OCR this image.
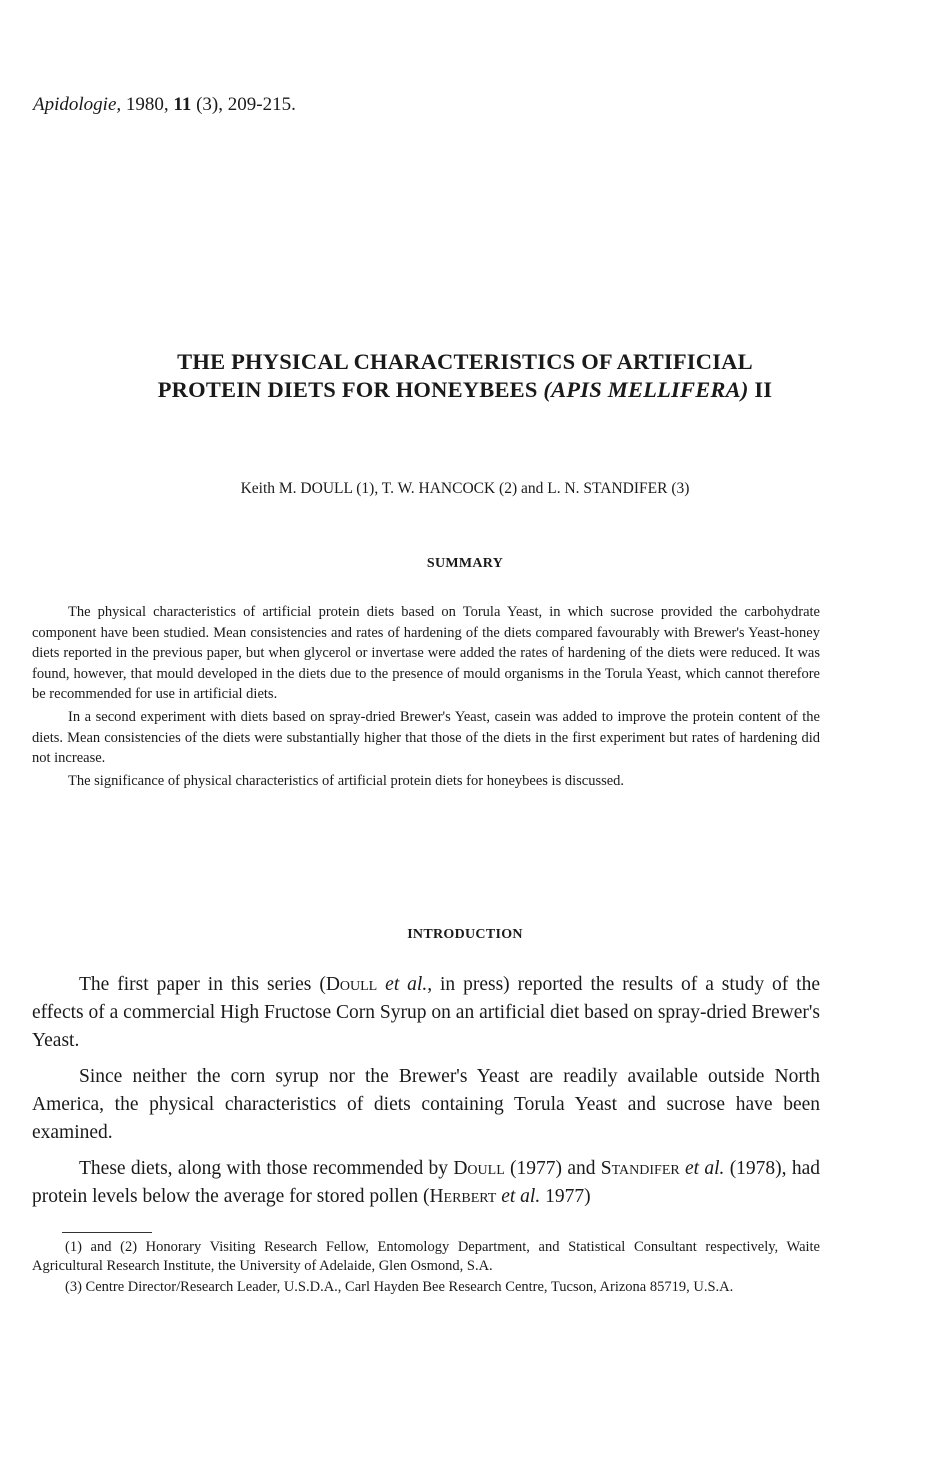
Apidologie, 1980, 11 (3), 209-215.
THE PHYSICAL CHARACTERISTICS OF ARTIFICIAL
PROTEIN DIETS FOR HONEYBEES (APIS MELLIFERA) II
Keith M. DOULL (1), T. W. HANCOCK (2) and L. N. STANDIFER (3)
SUMMARY

The physical characteristics of artificial protein diets based on Torula Yeast, in which sucrose provided the carbohydrate component have been studied. Mean consistencies and rates of hardening of the diets compared favourably with Brewer's Yeast-honey diets reported in the previous paper, but when glycerol or invertase were added the rates of hardening of the diets were reduced. It was found, however, that mould developed in the diets due to the presence of mould organisms in the Torula Yeast, which cannot therefore be recommended for use in artificial diets.

In a second experiment with diets based on spray-dried Brewer's Yeast, casein was added to improve the protein content of the diets. Mean consistencies of the diets were substantially higher that those of the diets in the first experiment but rates of hardening did not increase.

The significance of physical characteristics of artificial protein diets for honeybees is discussed.

INTRODUCTION

The first paper in this series (Doull et al., in press) reported the results of a study of the effects of a commercial High Fructose Corn Syrup on an artificial diet based on spray-dried Brewer's Yeast.

Since neither the corn syrup nor the Brewer's Yeast are readily available outside North America, the physical characteristics of diets containing Torula Yeast and sucrose have been examined.

These diets, along with those recommended by Doull (1977) and Standifer et al. (1978), had protein levels below the average for stored pollen (Herbert et al. 1977)

(1) and (2) Honorary Visiting Research Fellow, Entomology Department, and Statistical Consultant respectively, Waite Agricultural Research Institute, the University of Adelaide, Glen Osmond, S.A.

(3) Centre Director/Research Leader, U.S.D.A., Carl Hayden Bee Research Centre, Tucson, Arizona 85719, U.S.A.
